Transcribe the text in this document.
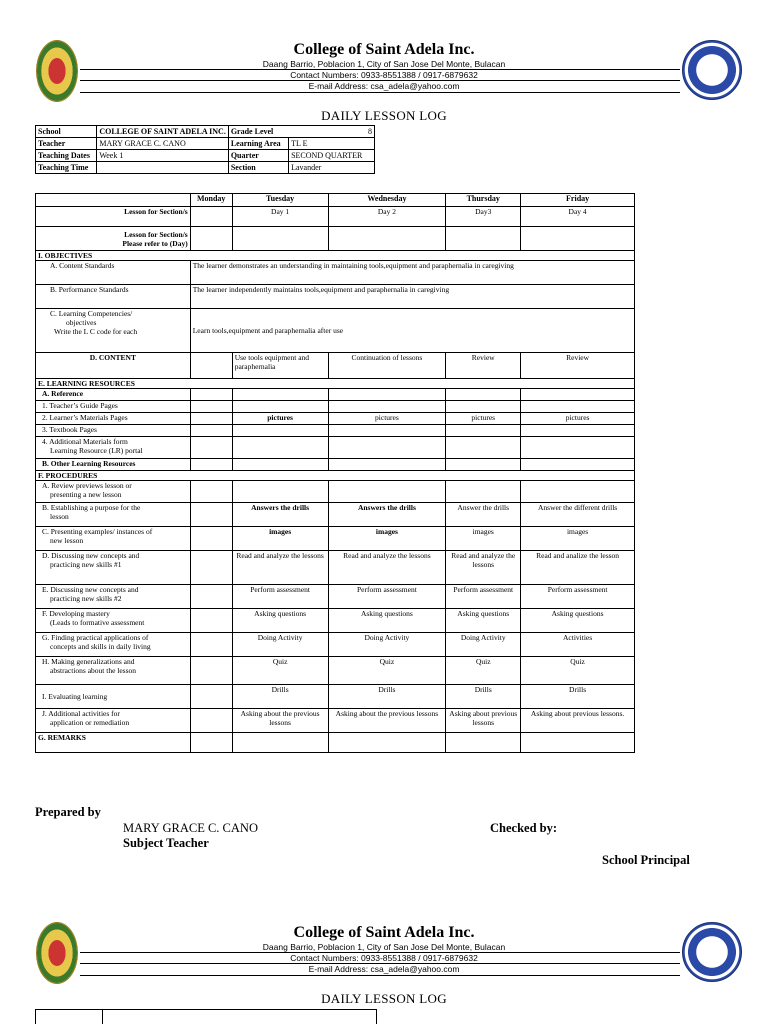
College of Saint Adela Inc.
Daang Barrio, Poblacion 1, City of San Jose Del Monte, Bulacan
Contact Numbers: 0933-8551388 / 0917-6879632
E-mail Address: csa_adela@yahoo.com
DAILY LESSON LOG
School	COLLEGE OF SAINT ADELA INC.	Grade Level	8
Teacher	MARY GRACE C. CANO	Learning Area	TL E
Teaching Dates	Week 1	Quarter	SECOND QUARTER
Teaching Time		Section	Lavander
	Monday	Tuesday	Wednesday	Thursday	Friday
Lesson for Section/s		Day 1	Day 2	Day3	Day 4
Lesson for Section/s
Please refer to (Day)					
I. OBJECTIVES					
A. Content Standards	The learner demonstrates an understanding in maintaining tools,equipment and paraphernalia in caregiving				
B. Performance Standards	The learner independently maintains tools,equipment and paraphernalia in caregiving				
C. Learning Competencies/
objectives
Write the L C code for each	Learn tools,equipment and paraphernalia after use				
D. CONTENT		Use tools equipment and paraphernalia	Continuation of lessons	Review	Review
E. LEARNING RESOURCES					
A. Reference					
1. Teacher’s Guide Pages					
2. Learner’s Materials Pages		pictures	pictures	pictures	pictures
3. Textbook Pages					
4. Additional Materials form
Learning Resource (LR) portal					
B. Other Learning Resources					
F. PROCEDURES					
A. Review previews lesson or
presenting a new lesson					
B. Establishing a purpose for the
lesson		Answers the drills	Answers the drills	Answer the drills	Answer the different drills
C. Presenting examples/ instances of
new lesson		images	images	images	images
D. Discussing new concepts and
practicing new skills #1		Read and analyze the lessons	Read and analyze the lessons	Read and analyze the lessons	Read and analize the lesson
E. Discussing new concepts and
practicing new skills #2		Perform assessment	Perform assessment	Perform assessment	Perform assessment
F. Developing mastery
(Leads to formative assessment		Asking questions	Asking questions	Asking questions	Asking questions
G. Finding practical applications of
concepts and skills in daily living		Doing Activity	Doing Activity	Doing Activity	Activities
H. Making generalizations and
abstractions about the lesson		Quiz	Quiz	Quiz	Quiz
I. Evaluating learning		Drills	Drills	Drills	Drills
J. Additional activities for
application or remediation		Asking about the previous lessons	Asking about the previous lessons	Asking about previous lessons	Asking about previous lessons.
G. REMARKS					
Prepared by
MARY GRACE C. CANO
Subject Teacher
Checked by:
School Principal
College of Saint Adela Inc.
Daang Barrio, Poblacion 1, City of San Jose Del Monte, Bulacan
Contact Numbers: 0933-8551388 / 0917-6879632
E-mail Address: csa_adela@yahoo.com
DAILY LESSON LOG
